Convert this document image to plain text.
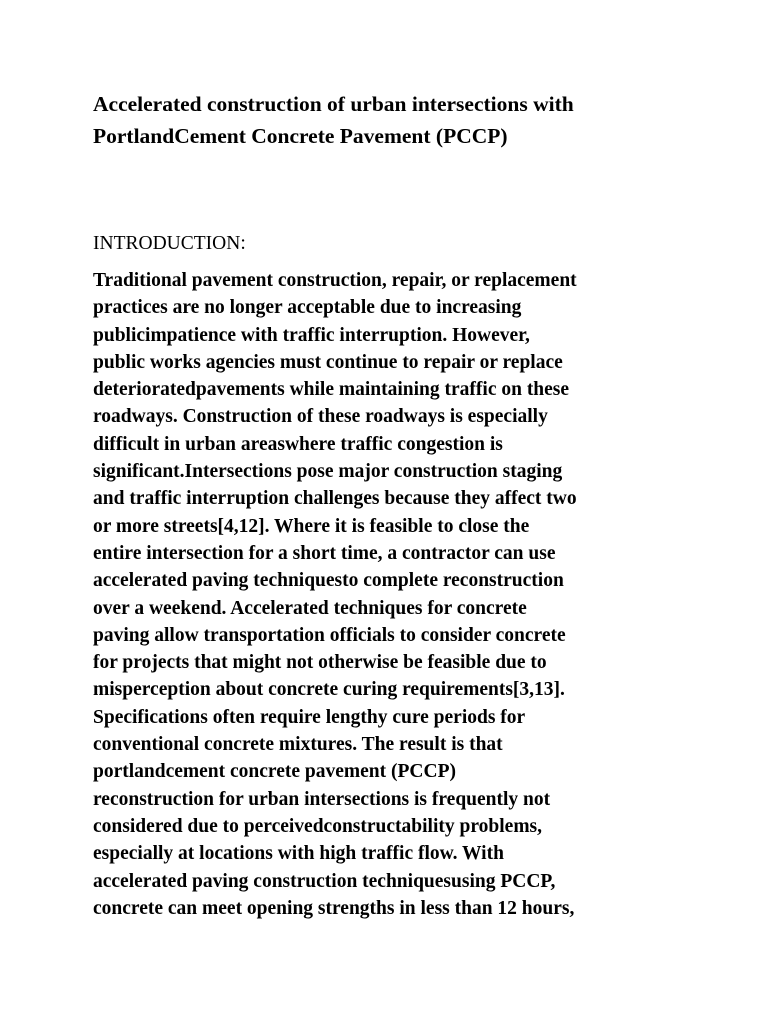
Accelerated construction of urban intersections with
PortlandCement Concrete Pavement (PCCP)
INTRODUCTION:
Traditional pavement construction, repair, or replacement
practices are no longer acceptable due to increasing
publicimpatience with traffic interruption. However,
public works agencies must continue to repair or replace
deterioratedpavements while maintaining traffic on these
roadways. Construction of these roadways is especially
difficult in urban areaswhere traffic congestion is
significant.Intersections pose major construction staging
and traffic interruption challenges because they affect two
or more streets[4,12]. Where it is feasible to close the
entire intersection for a short time, a contractor can use
accelerated paving techniquesto complete reconstruction
over a weekend. Accelerated techniques for concrete
paving allow transportation officials to consider concrete
for projects that might not otherwise be feasible due to
misperception about concrete curing requirements[3,13].
Specifications often require lengthy cure periods for
conventional concrete mixtures. The result is that
portlandcement concrete pavement (PCCP)
reconstruction for urban intersections is frequently not
considered due to perceivedconstructability problems,
especially at locations with high traffic flow. With
accelerated paving construction techniquesusing PCCP,
concrete can meet opening strengths in less than 12 hours,
